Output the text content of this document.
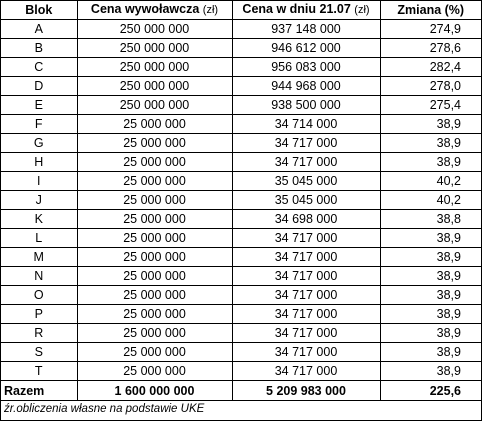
Blok	Cena wywoławcza (zł)	Cena w dniu 21.07 (zł)	Zmiana (%)
A	250 000 000	937 148 000	274,9
B	250 000 000	946 612 000	278,6
C	250 000 000	956 083 000	282,4
D	250 000 000	944 968 000	278,0
E	250 000 000	938 500 000	275,4
F	25 000 000	34 714 000	38,9
G	25 000 000	34 717 000	38,9
H	25 000 000	34 717 000	38,9
I	25 000 000	35 045 000	40,2
J	25 000 000	35 045 000	40,2
K	25 000 000	34 698 000	38,8
L	25 000 000	34 717 000	38,9
M	25 000 000	34 717 000	38,9
N	25 000 000	34 717 000	38,9
O	25 000 000	34 717 000	38,9
P	25 000 000	34 717 000	38,9
R	25 000 000	34 717 000	38,9
S	25 000 000	34 717 000	38,9
T	25 000 000	34 717 000	38,9
Razem	1 600 000 000	5 209 983 000	225,6
źr.obliczenia własne na podstawie UKE
